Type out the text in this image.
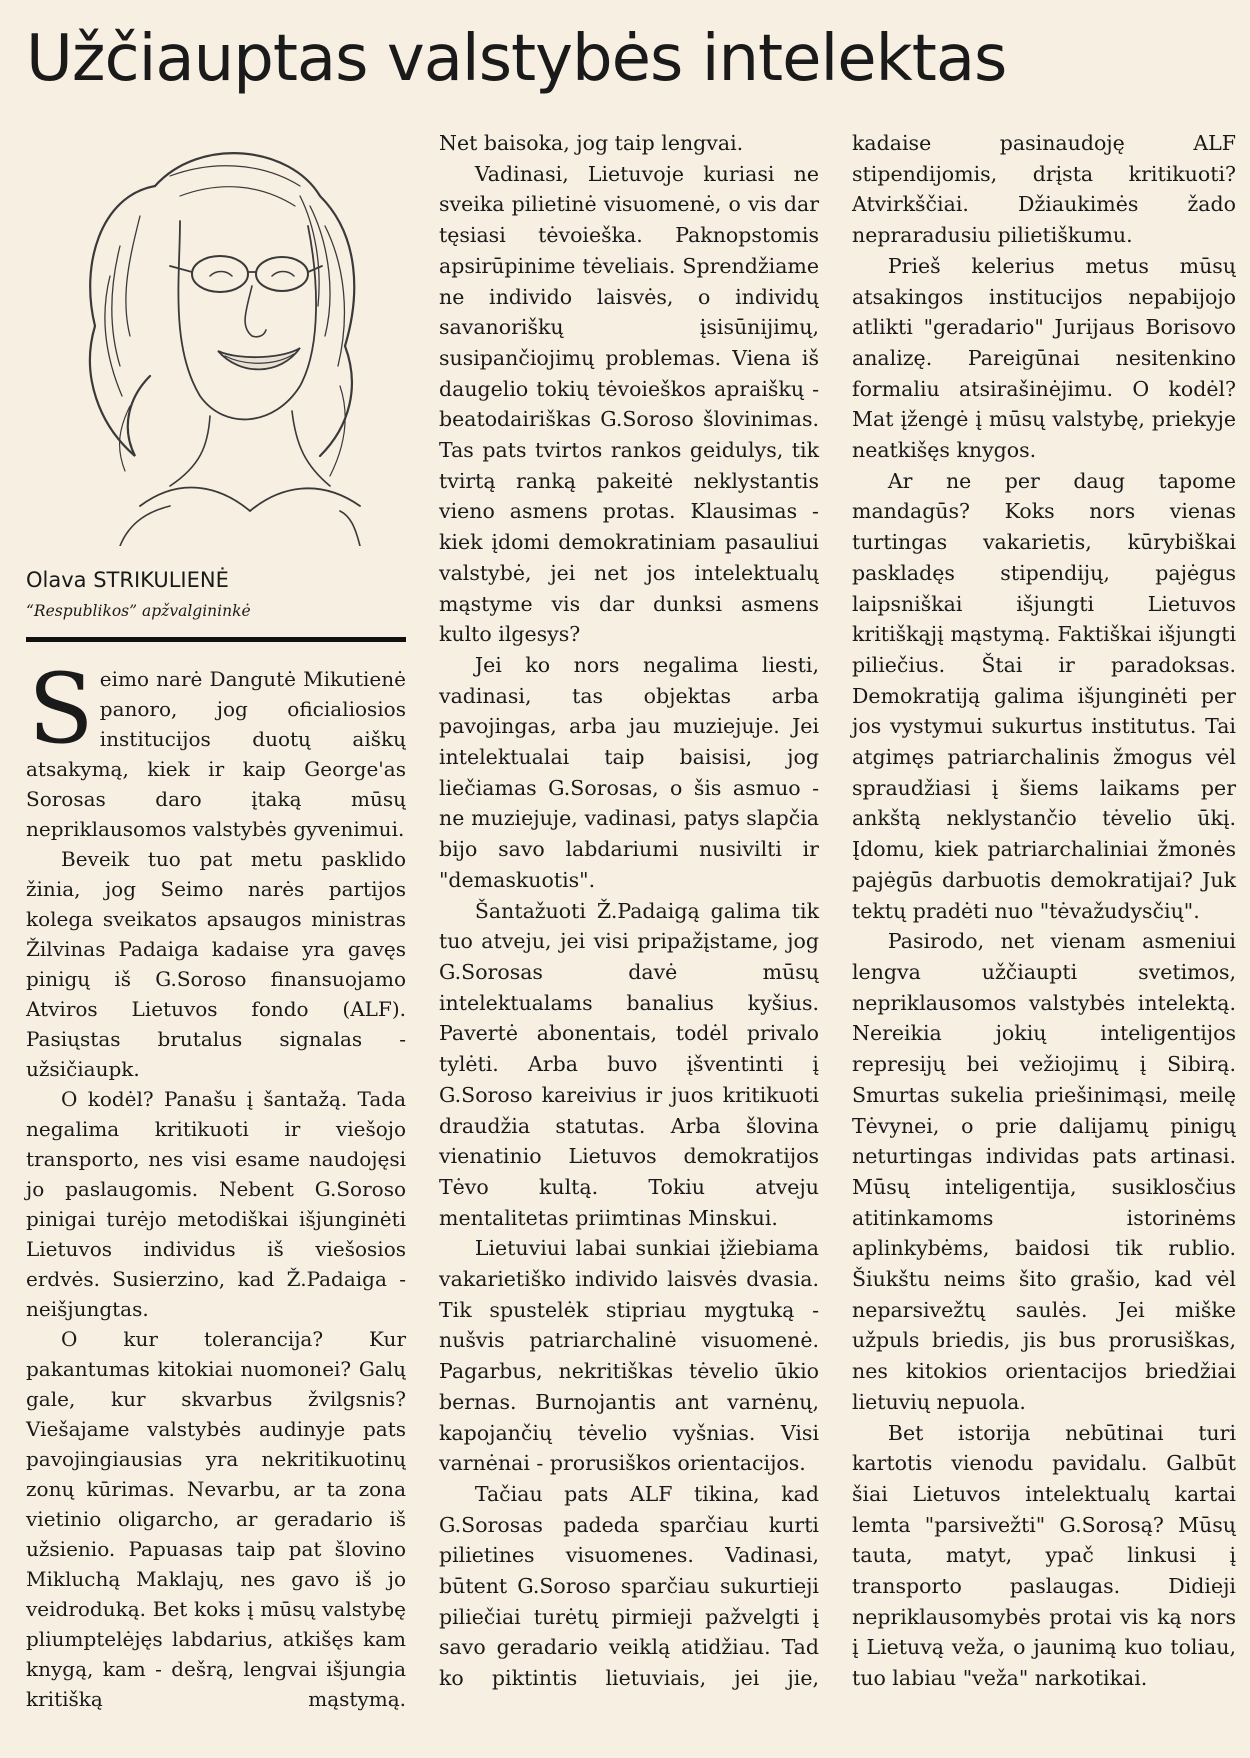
Užčiauptas valstybės intelektas
Olava STRIKULIENĖ
“Respublikos” apžvalgininkė

Seimo narė Dangutė Mikutienė panoro, jog oficialiosios institucijos duotų aiškų atsakymą, kiek ir kaip George'as Sorosas daro įtaką mūsų nepriklausomos valstybės gyvenimui.

Beveik tuo pat metu pasklido žinia, jog Seimo narės partijos kolega sveikatos apsaugos ministras Žilvinas Padaiga kadaise yra gavęs pinigų iš G.Soroso finansuojamo Atviros Lietuvos fondo (ALF). Pasiųstas brutalus signalas - užsičiaupk.

O kodėl? Panašu į šantažą. Tada negalima kritikuoti ir viešojo transporto, nes visi esame naudojęsi jo paslaugomis. Nebent G.Soroso pinigai turėjo metodiškai išjunginėti Lietuvos individus iš viešosios erdvės. Susierzino, kad Ž.Padaiga - neišjungtas.

O kur tolerancija? Kur pakantumas kitokiai nuomonei? Galų gale, kur skvarbus žvilgsnis? Viešajame valstybės audinyje pats pavojingiausias yra nekritikuotinų zonų kūrimas. Nevarbu, ar ta zona vietinio oligarcho, ar geradario iš užsienio. Papuasas taip pat šlovino Mikluchą Maklajų, nes gavo iš jo veidroduką. Bet koks į mūsų valstybę pliumptelėjęs labdarius, atkišęs kam knygą, kam - dešrą, lengvai išjungia kritišką mąstymą.

Net baisoka, jog taip lengvai.

Vadinasi, Lietuvoje kuriasi ne sveika pilietinė visuomenė, o vis dar tęsiasi tėvoieška. Paknopstomis apsirūpinime tėveliais. Sprendžiame ne individo laisvės, o individų savanoriškų įsisūnijimų, susipančiojimų problemas. Viena iš daugelio tokių tėvoieškos apraiškų - beatodairiškas G.Soroso šlovinimas. Tas pats tvirtos rankos geidulys, tik tvirtą ranką pakeitė neklystantis vieno asmens protas. Klausimas - kiek įdomi demokratiniam pasauliui valstybė, jei net jos intelektualų mąstyme vis dar dunksi asmens kulto ilgesys?

Jei ko nors negalima liesti, vadinasi, tas objektas arba pavojingas, arba jau muziejuje. Jei intelektualai taip baisisi, jog liečiamas G.Sorosas, o šis asmuo - ne muziejuje, vadinasi, patys slapčia bijo savo labdariumi nusivilti ir "demaskuotis".

Šantažuoti Ž.Padaigą galima tik tuo atveju, jei visi pripažįstame, jog G.Sorosas davė mūsų intelektualams banalius kyšius. Pavertė abonentais, todėl privalo tylėti. Arba buvo įšventinti į G.Soroso kareivius ir juos kritikuoti draudžia statutas. Arba šlovina vienatinio Lietuvos demokratijos Tėvo kultą. Tokiu atveju mentalitetas priimtinas Minskui.

Lietuviui labai sunkiai įžiebiama vakarietiško individo laisvės dvasia. Tik spustelėk stipriau mygtuką - nušvis patriarchalinė visuomenė. Pagarbus, nekritiškas tėvelio ūkio bernas. Burnojantis ant varnėnų, kapojančių tėvelio vyšnias. Visi varnėnai - prorusiškos orientacijos.

Tačiau pats ALF tikina, kad G.Sorosas padeda sparčiau kurti pilietines visuomenes. Vadinasi, būtent G.Soroso sparčiau sukurtieji piliečiai turėtų pirmieji pažvelgti į savo geradario veiklą atidžiau. Tad ko piktintis lietuviais, jei jie,

kadaise pasinaudoję ALF stipendijomis, drįsta kritikuoti? Atvirkščiai. Džiaukimės žado nepraradusiu pilietiškumu.

Prieš kelerius metus mūsų atsakingos institucijos nepabijojo atlikti "geradario" Jurijaus Borisovo analizę. Pareigūnai nesitenkino formaliu atsirašinėjimu. O kodėl? Mat įžengė į mūsų valstybę, priekyje neatkišęs knygos.

Ar ne per daug tapome mandagūs? Koks nors vienas turtingas vakarietis, kūrybiškai paskladęs stipendijų, pajėgus laipsniškai išjungti Lietuvos kritiškąjį mąstymą. Faktiškai išjungti piliečius. Štai ir paradoksas. Demokratiją galima išjunginėti per jos vystymui sukurtus institutus. Tai atgimęs patriarchalinis žmogus vėl spraudžiasi į šiems laikams per ankštą neklystančio tėvelio ūkį. Įdomu, kiek patriarchaliniai žmonės pajėgūs darbuotis demokratijai? Juk tektų pradėti nuo "tėvažudysčių".

Pasirodo, net vienam asmeniui lengva užčiaupti svetimos, nepriklausomos valstybės intelektą. Nereikia jokių inteligentijos represijų bei vežiojimų į Sibirą. Smurtas sukelia priešinimąsi, meilę Tėvynei, o prie dalijamų pinigų neturtingas individas pats artinasi. Mūsų inteligentija, susiklosčius atitinkamoms istorinėms aplinkybėms, baidosi tik rublio. Šiukštu neims šito grašio, kad vėl neparsivežtų saulės. Jei miške užpuls briedis, jis bus prorusiškas, nes kitokios orientacijos briedžiai lietuvių nepuola.

Bet istorija nebūtinai turi kartotis vienodu pavidalu. Galbūt šiai Lietuvos intelektualų kartai lemta "parsivežti" G.Sorosą? Mūsų tauta, matyt, ypač linkusi į transporto paslaugas. Didieji nepriklausomybės protai vis ką nors į Lietuvą veža, o jaunimą kuo toliau, tuo labiau "veža" narkotikai.
